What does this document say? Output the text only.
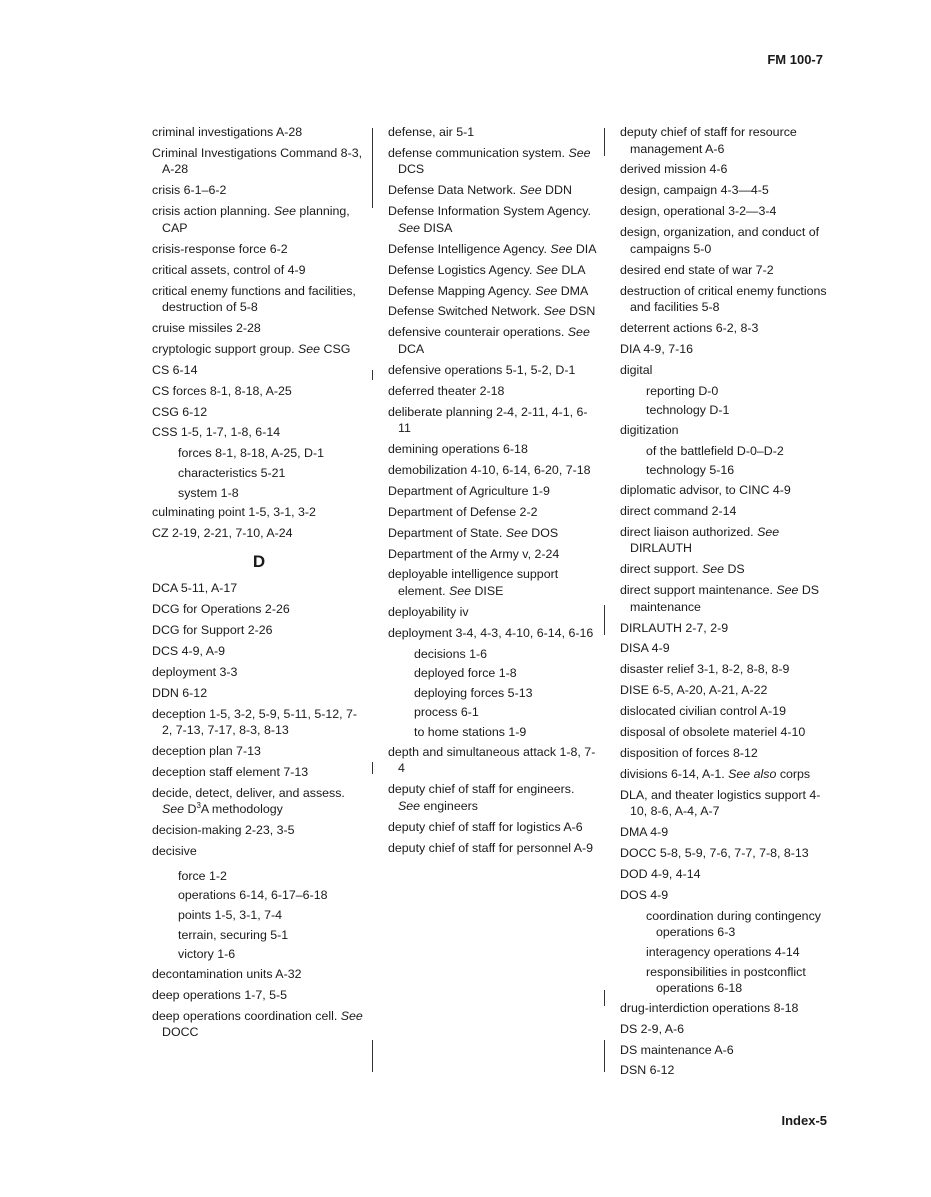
FM 100-7
criminal investigations A-28
Criminal Investigations Command 8-3, A-28
crisis 6-1–6-2
crisis action planning. See planning, CAP
crisis-response force 6-2
critical assets, control of 4-9
critical enemy functions and facilities, destruction of 5-8
cruise missiles 2-28
cryptologic support group. See CSG
CS 6-14
CS forces 8-1, 8-18, A-25
CSG 6-12
CSS 1-5, 1-7, 1-8, 6-14
forces 8-1, 8-18, A-25, D-1
characteristics 5-21
system 1-8
culminating point 1-5, 3-1, 3-2
CZ 2-19, 2-21, 7-10, A-24
D
DCA 5-11, A-17
DCG for Operations 2-26
DCG for Support 2-26
DCS 4-9, A-9
deployment 3-3
DDN 6-12
deception 1-5, 3-2, 5-9, 5-11, 5-12, 7-2, 7-13, 7-17, 8-3, 8-13
deception plan 7-13
deception staff element 7-13
decide, detect, deliver, and assess. See $D^3A$ methodology
decision-making 2-23, 3-5
decisive
force 1-2
operations 6-14, 6-17–6-18
points 1-5, 3-1, 7-4
terrain, securing 5-1
victory 1-6
decontamination units A-32
deep operations 1-7, 5-5
deep operations coordination cell. See DOCC
defense, air 5-1
defense communication system. See DCS
Defense Data Network. See DDN
Defense Information System Agency. See DISA
Defense Intelligence Agency. See DIA
Defense Logistics Agency. See DLA
Defense Mapping Agency. See DMA
Defense Switched Network. See DSN
defensive counterair operations. See DCA
defensive operations 5-1, 5-2, D-1
deferred theater 2-18
deliberate planning 2-4, 2-11, 4-1, 6-11
demining operations 6-18
demobilization 4-10, 6-14, 6-20, 7-18
Department of Agriculture 1-9
Department of Defense 2-2
Department of State. See DOS
Department of the Army v, 2-24
deployable intelligence support element. See DISE
deployability iv
deployment 3-4, 4-3, 4-10, 6-14, 6-16
decisions 1-6
deployed force 1-8
deploying forces 5-13
process 6-1
to home stations 1-9
depth and simultaneous attack 1-8, 7-4
deputy chief of staff for engineers. See engineers
deputy chief of staff for logistics A-6
deputy chief of staff for personnel A-9
deputy chief of staff for resource management A-6
derived mission 4-6
design, campaign 4-3—4-5
design, operational 3-2—3-4
design, organization, and conduct of campaigns 5-0
desired end state of war 7-2
destruction of critical enemy functions and facilities 5-8
deterrent actions 6-2, 8-3
DIA 4-9, 7-16
digital
reporting D-0
technology D-1
digitization
of the battlefield D-0–D-2
technology 5-16
diplomatic advisor, to CINC 4-9
direct command 2-14
direct liaison authorized. See DIRLAUTH
direct support. See DS
direct support maintenance. See DS maintenance
DIRLAUTH 2-7, 2-9
DISA 4-9
disaster relief 3-1, 8-2, 8-8, 8-9
DISE 6-5, A-20, A-21, A-22
dislocated civilian control A-19
disposal of obsolete materiel 4-10
disposition of forces 8-12
divisions 6-14, A-1. See also corps
DLA, and theater logistics support 4-10, 8-6, A-4, A-7
DMA 4-9
DOCC 5-8, 5-9, 7-6, 7-7, 7-8, 8-13
DOD 4-9, 4-14
DOS 4-9
coordination during contingency operations 6-3
interagency operations 4-14
responsibilities in postconflict operations 6-18
drug-interdiction operations 8-18
DS 2-9, A-6
DS maintenance A-6
DSN 6-12
Index-5
